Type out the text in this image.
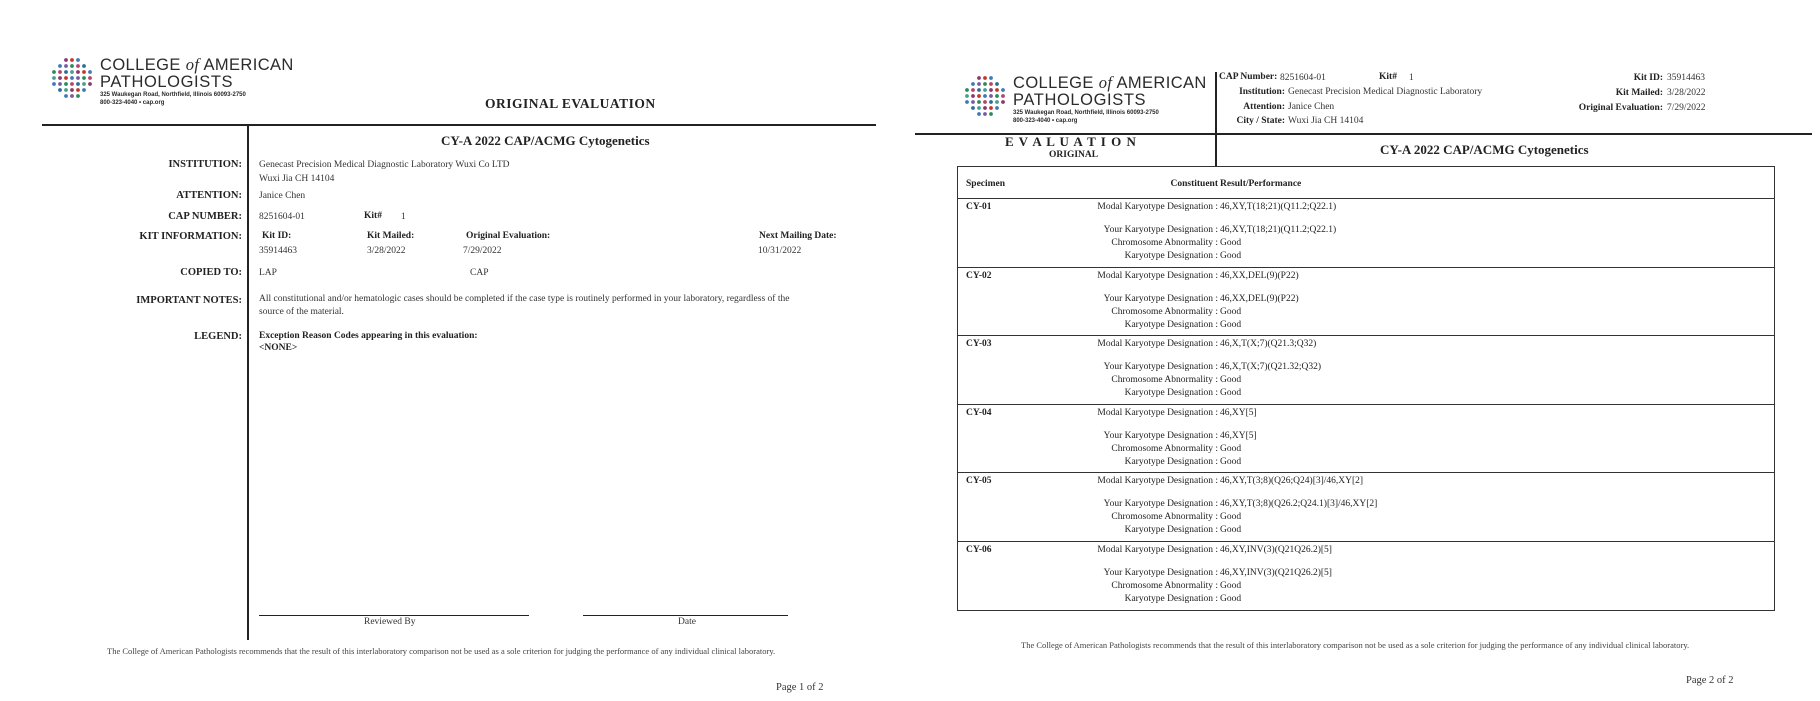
COLLEGE of AMERICAN
PATHOLOGISTS
325 Waukegan Road, Northfield, Illinois 60093-2750
800-323-4040 • cap.org	ORIGINAL EVALUATION
CY-A 2022 CAP/ACMG Cytogenetics
INSTITUTION: Genecast Precision Medical Diagnostic Laboratory Wuxi Co LTD
Wuxi Jia CH 14104
ATTENTION: Janice Chen
CAP NUMBER: 8251604-01	Kit# 1
KIT INFORMATION: Kit ID:	Kit Mailed:	Original Evaluation:	Next Mailing Date:
35914463	3/28/2022	7/29/2022	10/31/2022
COPIED TO: LAP	CAP
IMPORTANT NOTES: All constitutional and/or hematologic cases should be completed if the case type is routinely performed in your laboratory, regardless of the
source of the material.
LEGEND: Exception Reason Codes appearing in this evaluation:
<NONE>
Reviewed By	Date
The College of American Pathologists recommends that the result of this interlaboratory comparison not be used as a sole criterion for judging the performance of any individual clinical laboratory.
Page 1 of 2
COLLEGE of AMERICAN
PATHOLOGISTS
325 Waukegan Road, Northfield, Illinois 60093-2750
800-323-4040 • cap.org
CAP Number: 8251604-01	Kit# 1
Institution: Genecast Precision Medical Diagnostic Laboratory
Attention: Janice Chen
City / State: Wuxi Jia CH 14104
Kit ID: 35914463
Kit Mailed: 3/28/2022
Original Evaluation: 7/29/2022
E V A L U A T I O N
ORIGINAL	CY-A 2022 CAP/ACMG Cytogenetics
Specimen	Constituent Result/Performance
CY-01	Modal Karyotype Designation : 46,XY,T(18;21)(Q11.2;Q22.1)
Your Karyotype Designation : 46,XY,T(18;21)(Q11.2;Q22.1)
Chromosome Abnormality : Good
Karyotype Designation : Good
CY-02	Modal Karyotype Designation : 46,XX,DEL(9)(P22)
Your Karyotype Designation : 46,XX,DEL(9)(P22)
Chromosome Abnormality : Good
Karyotype Designation : Good
CY-03	Modal Karyotype Designation : 46,X,T(X;7)(Q21.3;Q32)
Your Karyotype Designation : 46,X,T(X;7)(Q21.32;Q32)
Chromosome Abnormality : Good
Karyotype Designation : Good
CY-04	Modal Karyotype Designation : 46,XY[5]
Your Karyotype Designation : 46,XY[5]
Chromosome Abnormality : Good
Karyotype Designation : Good
CY-05	Modal Karyotype Designation : 46,XY,T(3;8)(Q26;Q24)[3]/46,XY[2]
Your Karyotype Designation : 46,XY,T(3;8)(Q26.2;Q24.1)[3]/46,XY[2]
Chromosome Abnormality : Good
Karyotype Designation : Good
CY-06	Modal Karyotype Designation : 46,XY,INV(3)(Q21Q26.2)[5]
Your Karyotype Designation : 46,XY,INV(3)(Q21Q26.2)[5]
Chromosome Abnormality : Good
Karyotype Designation : Good
The College of American Pathologists recommends that the result of this interlaboratory comparison not be used as a sole criterion for judging the performance of any individual clinical laboratory.
Page 2 of 2
